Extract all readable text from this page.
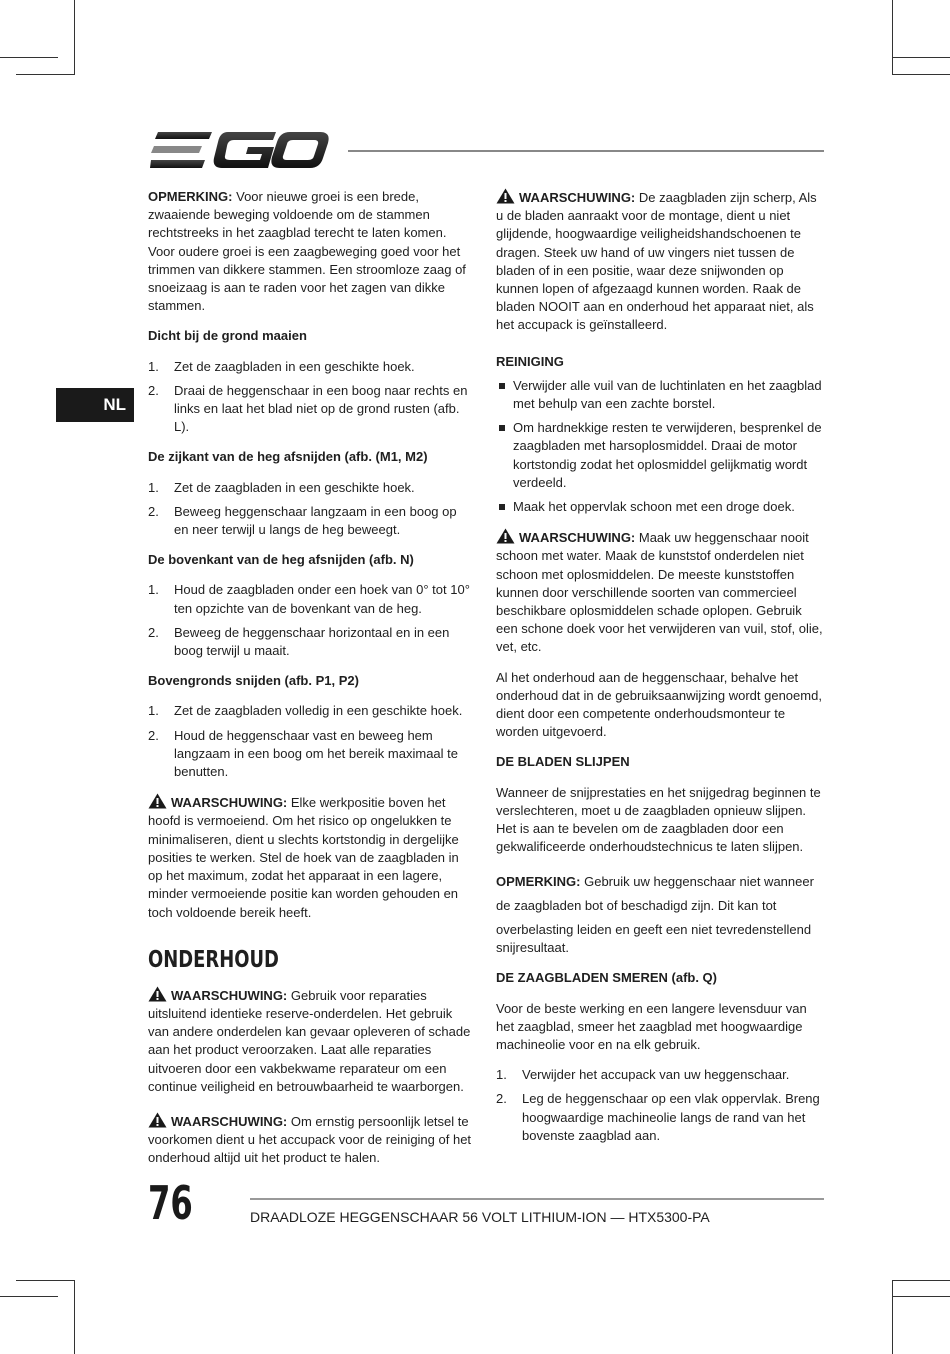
NL

OPMERKING: Voor nieuwe groei is een brede, zwaaiende beweging voldoende om de stammen rechtstreeks in het zaagblad terecht te laten komen. Voor oudere groei is een zaagbeweging goed voor het trimmen van dikkere stammen. Een stroomloze zaag of snoeizaag is aan te raden voor het zagen van dikke stammen.

Dicht bij de grond maaien

1. Zet de zaagbladen in een geschikte hoek.
2. Draai de heggenschaar in een boog naar rechts en links en laat het blad niet op de grond rusten (afb. L).

De zijkant van de heg afsnijden (afb. (M1, M2)

1. Zet de zaagbladen in een geschikte hoek.
2. Beweeg heggenschaar langzaam in een boog op en neer terwijl u langs de heg beweegt.

De bovenkant van de heg afsnijden (afb. N)

1. Houd de zaagbladen onder een hoek van 0° tot 10° ten opzichte van de bovenkant van de heg.
2. Beweeg de heggenschaar horizontaal en in een boog terwijl u maait.

Bovengronds snijden (afb. P1, P2)

1. Zet de zaagbladen volledig in een geschikte hoek.
2. Houd de heggenschaar vast en beweeg hem langzaam in een boog om het bereik maximaal te benutten.

WAARSCHUWING: Elke werkpositie boven het hoofd is vermoeiend. Om het risico op ongelukken te minimaliseren, dient u slechts kortstondig in dergelijke posities te werken. Stel de hoek van de zaagbladen in op het maximum, zodat het apparaat in een lagere, minder vermoeiende positie kan worden gehouden en toch voldoende bereik heeft.

ONDERHOUD

WAARSCHUWING: Gebruik voor reparaties uitsluitend identieke reserve-onderdelen. Het gebruik van andere onderdelen kan gevaar opleveren of schade aan het product veroorzaken. Laat alle reparaties uitvoeren door een vakbekwame reparateur om een continue veiligheid en betrouwbaarheid te waarborgen.

WAARSCHUWING: Om ernstig persoonlijk letsel te voorkomen dient u het accupack voor de reiniging of het onderhoud altijd uit het product te halen.

WAARSCHUWING: De zaagbladen zijn scherp, Als u de bladen aanraakt voor de montage, dient u niet glijdende, hoogwaardige veiligheidshandschoenen te dragen. Steek uw hand of uw vingers niet tussen de bladen of in een positie, waar deze snijwonden op kunnen lopen of afgezaagd kunnen worden. Raak de bladen NOOIT aan en onderhoud het apparaat niet, als het accupack is geïnstalleerd.

REINIGING

Verwijder alle vuil van de luchtinlaten en het zaagblad met behulp van een zachte borstel.
Om hardnekkige resten te verwijderen, besprenkel de zaagbladen met harsoplosmiddel. Draai de motor kortstondig zodat het oplosmiddel gelijkmatig wordt verdeeld.
Maak het oppervlak schoon met een droge doek.

WAARSCHUWING: Maak uw heggenschaar nooit schoon met water. Maak de kunststof onderdelen niet schoon met oplosmiddelen. De meeste kunststoffen kunnen door verschillende soorten van commercieel beschikbare oplosmiddelen schade oplopen. Gebruik een schone doek voor het verwijderen van vuil, stof, olie, vet, etc.

Al het onderhoud aan de heggenschaar, behalve het onderhoud dat in de gebruiksaanwijzing wordt genoemd, dient door een competente onderhoudsmonteur te worden uitgevoerd.

DE BLADEN SLIJPEN

Wanneer de snijprestaties en het snijgedrag beginnen te verslechteren, moet u de zaagbladen opnieuw slijpen. Het is aan te bevelen om de zaagbladen door een gekwalificeerde onderhoudstechnicus te laten slijpen.

OPMERKING: Gebruik uw heggenschaar niet wanneer

de zaagbladen bot of beschadigd zijn. Dit kan tot

overbelasting leiden en geeft een niet tevredenstellend snijresultaat.

DE ZAAGBLADEN SMEREN (afb. Q)

Voor de beste werking en een langere levensduur van het zaagblad, smeer het zaagblad met hoogwaardige machineolie voor en na elk gebruik.

1. Verwijder het accupack van uw heggenschaar.
2. Leg de heggenschaar op een vlak oppervlak. Breng hoogwaardige machineolie langs de rand van het bovenste zaagblad aan.
76	DRAADLOZE HEGGENSCHAAR 56 VOLT LITHIUM-ION — HTX5300-PA
